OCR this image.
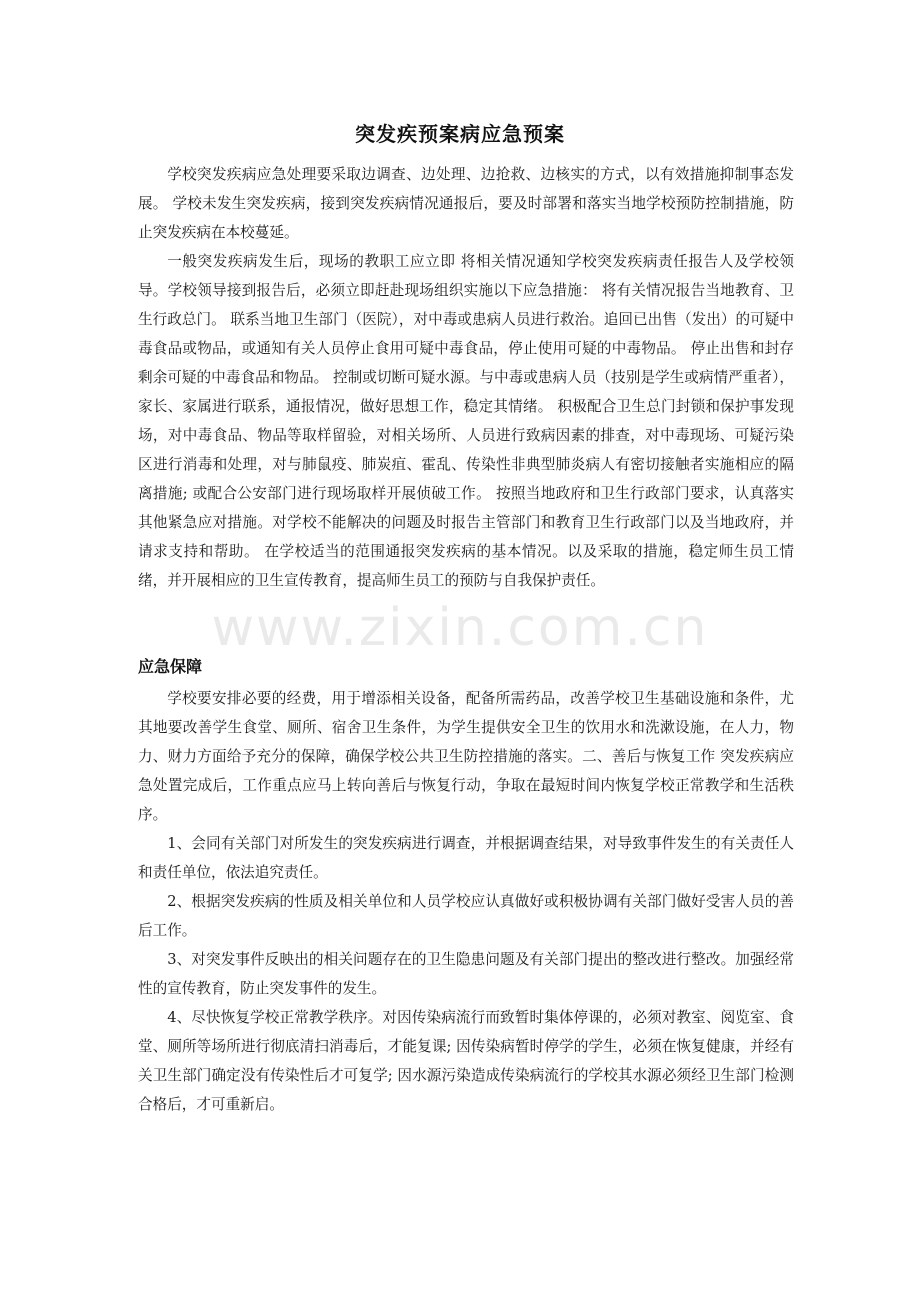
突发疾预案病应急预案

学校突发疾病应急处理要采取边调查、边处理、边抢救、边核实的方式，以有效措施抑制事态发展。 学校未发生突发疾病，接到突发疾病情况通报后，要及时部署和落实当地学校预防控制措施，防止突发疾病在本校蔓延。

一般突发疾病发生后，现场的教职工应立即 将相关情况通知学校突发疾病责任报告人及学校领导。学校领导接到报告后，必须立即赶赴现场组织实施以下应急措施： 将有关情况报告当地教育、卫生行政总门。 联系当地卫生部门（医院），对中毒或患病人员进行救治。追回已出售（发出）的可疑中毒食品或物品，或通知有关人员停止食用可疑中毒食品，停止使用可疑的中毒物品。 停止出售和封存剩余可疑的中毒食品和物品。 控制或切断可疑水源。与中毒或患病人员（技别是学生或病情严重者），家长、家属进行联系，通报情况，做好思想工作，稳定其情绪。 积极配合卫生总门封锁和保护事发现场，对中毒食品、物品等取样留验，对相关场所、人员进行致病因素的排查，对中毒现场、可疑污染区进行消毒和处理，对与肺鼠疫、肺炭疽、霍乱、传染性非典型肺炎病人有密切接触者实施相应的隔离措施; 或配合公安部门进行现场取样开展侦破工作。 按照当地政府和卫生行政部门要求，认真落实其他紧急应对措施。对学校不能解决的问题及时报告主管部门和教育卫生行政部门以及当地政府，并请求支持和帮助。 在学校适当的范围通报突发疾病的基本情况。以及采取的措施，稳定师生员工情绪，并开展相应的卫生宣传教育，提高师生员工的预防与自我保护责任。

www.zixin.com.cn
应急保障

学校要安排必要的经费，用于增添相关设备，配备所需药品，改善学校卫生基础设施和条件，尤其地要改善学生食堂、厕所、宿舍卫生条件，为学生提供安全卫生的饮用水和洗漱设施，在人力，物力、财力方面给予充分的保障，确保学校公共卫生防控措施的落实。二、善后与恢复工作 突发疾病应急处置完成后，工作重点应马上转向善后与恢复行动，争取在最短时间内恢复学校正常教学和生活秩序。

1、会同有关部门对所发生的突发疾病进行调查，并根据调查结果，对导致事件发生的有关责任人和责任单位，依法追究责任。

2、根据突发疾病的性质及相关单位和人员学校应认真做好或积极协调有关部门做好受害人员的善后工作。

3、对突发事件反映出的相关问题存在的卫生隐患问题及有关部门提出的整改进行整改。加强经常性的宣传教育，防止突发事件的发生。

4、尽快恢复学校正常教学秩序。对因传染病流行而致暂时集体停课的，必须对教室、阅览室、食堂、厕所等场所进行彻底清扫消毒后，才能复课; 因传染病暂时停学的学生，必须在恢复健康，并经有关卫生部门确定没有传染性后才可复学; 因水源污染造成传染病流行的学校其水源必须经卫生部门检测合格后，才可重新启。
